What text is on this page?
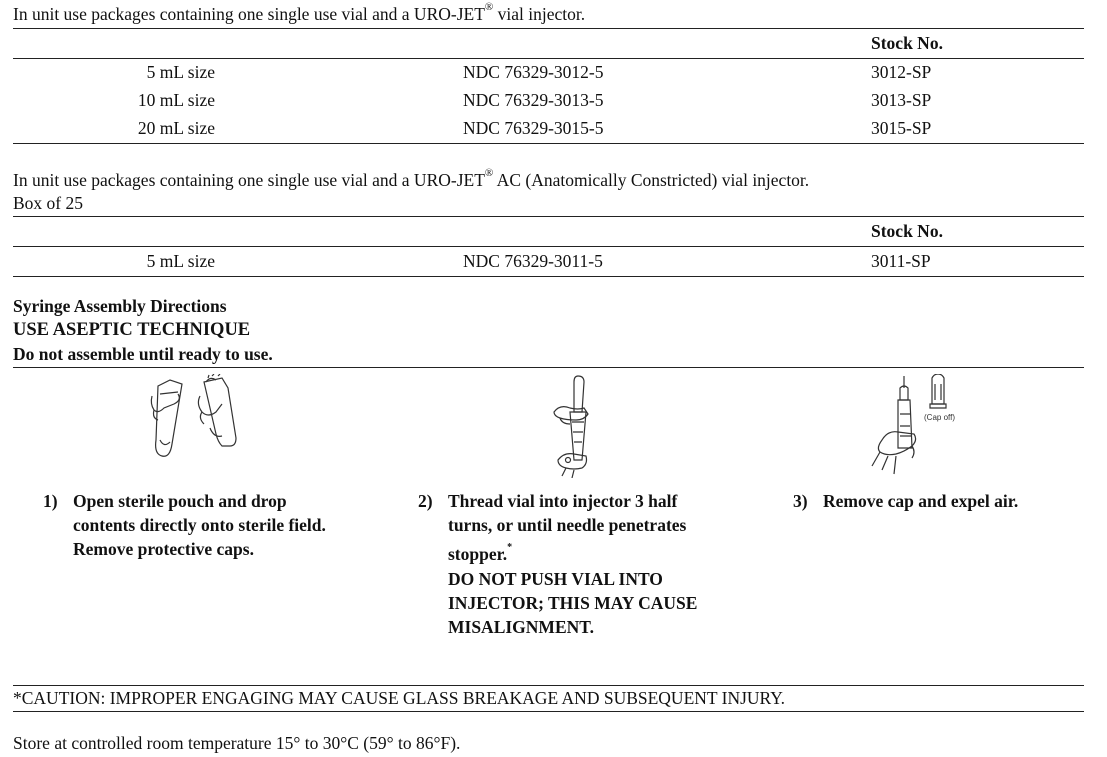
In unit use packages containing one single use vial and a URO-JET® vial injector.
Stock No.
5 mL size	NDC 76329-3012-5	3012-SP
10 mL size	NDC 76329-3013-5	3013-SP
20 mL size	NDC 76329-3015-5	3015-SP
In unit use packages containing one single use vial and a URO-JET® AC (Anatomically Constricted) vial injector.
Box of 25
Stock No.
5 mL size	NDC 76329-3011-5	3011-SP
Syringe Assembly Directions
USE ASEPTIC TECHNIQUE
Do not assemble until ready to use.
(Cap off)
1) Open sterile pouch and drop
contents directly onto sterile field.
Remove protective caps.
2) Thread vial into injector 3 half
turns, or until needle penetrates
stopper.*
DO NOT PUSH VIAL INTO
INJECTOR; THIS MAY CAUSE
MISALIGNMENT.
3) Remove cap and expel air.
*CAUTION: IMPROPER ENGAGING MAY CAUSE GLASS BREAKAGE AND SUBSEQUENT INJURY.
Store at controlled room temperature 15° to 30°C (59° to 86°F).
